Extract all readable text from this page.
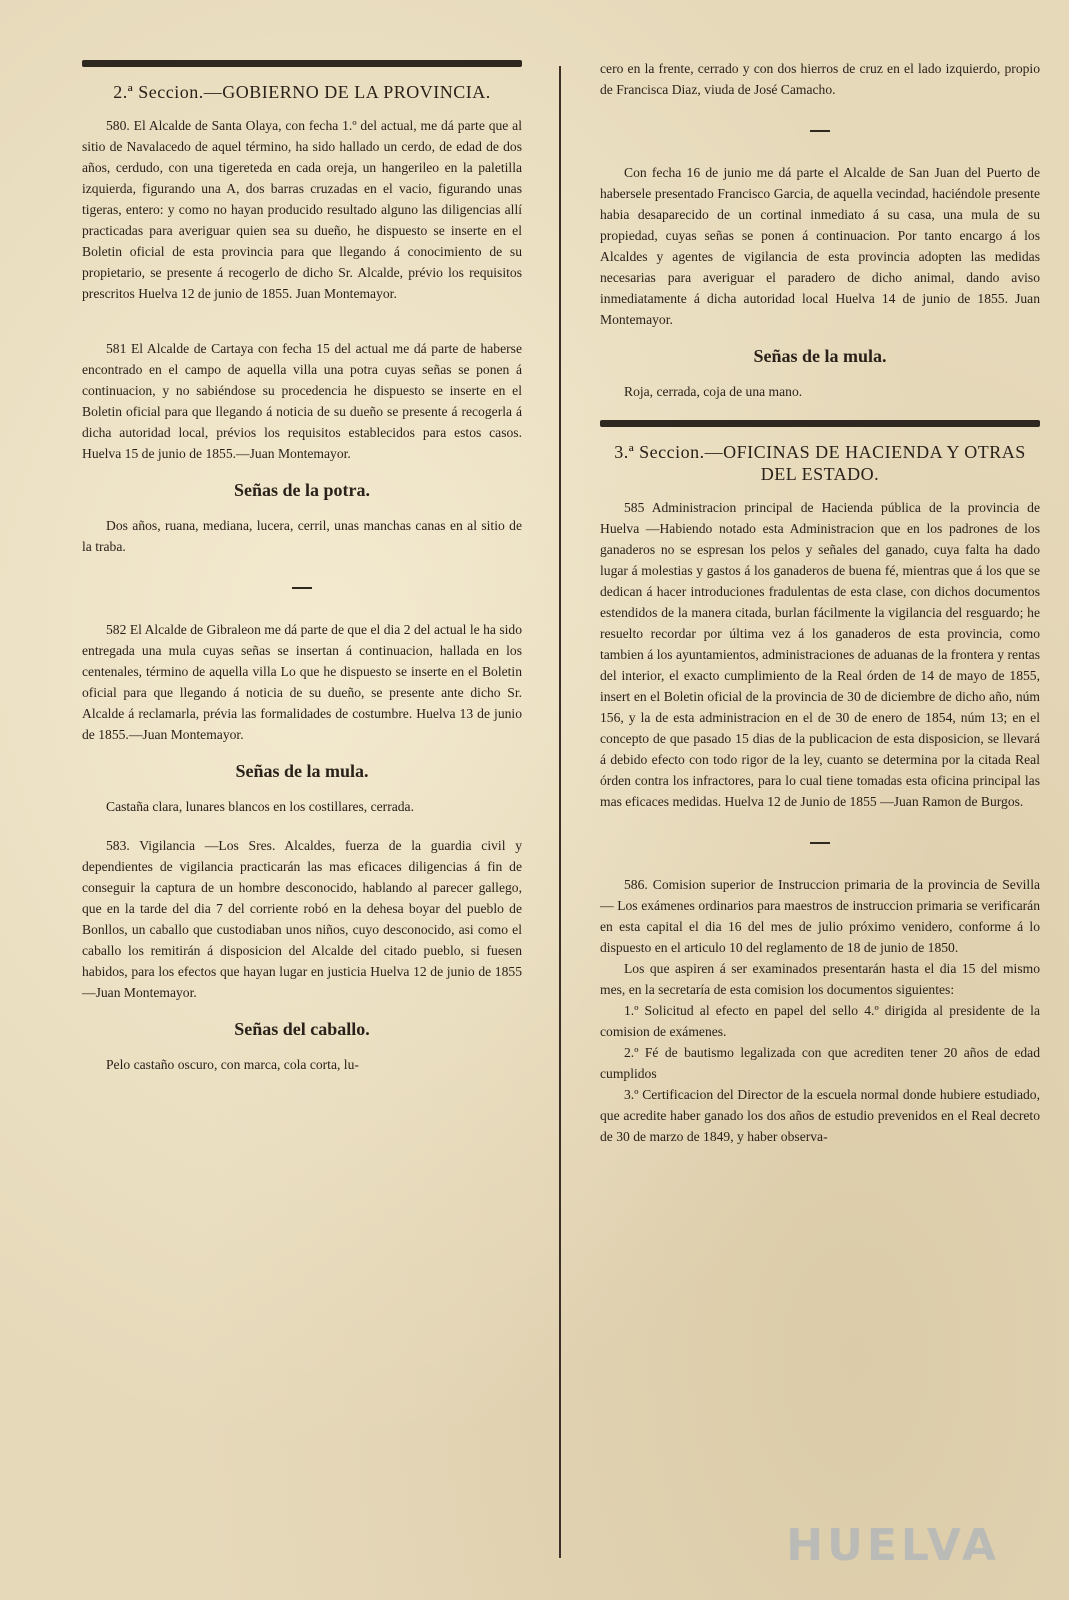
2.ª Seccion.—GOBIERNO DE LA PROVINCIA.

580. El Alcalde de Santa Olaya, con fecha 1.º del actual, me dá parte que al sitio de Navalacedo de aquel término, ha sido hallado un cerdo, de edad de dos años, cerdudo, con una tigereteda en cada oreja, un hangerileo en la paletilla izquierda, figurando una A, dos barras cruzadas en el vacio, figurando unas tigeras, entero: y como no hayan producido resultado alguno las diligencias allí practicadas para averiguar quien sea su dueño, he dispuesto se inserte en el Boletin oficial de esta provincia para que llegando á conocimiento de su propietario, se presente á recogerlo de dicho Sr. Alcalde, prévio los requisitos prescritos Huelva 12 de junio de 1855. Juan Montemayor.

581 El Alcalde de Cartaya con fecha 15 del actual me dá parte de haberse encontrado en el campo de aquella villa una potra cuyas señas se ponen á continuacion, y no sabiéndose su procedencia he dispuesto se inserte en el Boletin oficial para que llegando á noticia de su dueño se presente á recogerla á dicha autoridad local, prévios los requisitos establecidos para estos casos. Huelva 15 de junio de 1855.—Juan Montemayor.

Señas de la potra.

Dos años, ruana, mediana, lucera, cerril, unas manchas canas en al sitio de la traba.

582 El Alcalde de Gibraleon me dá parte de que el dia 2 del actual le ha sido entregada una mula cuyas señas se insertan á continuacion, hallada en los centenales, término de aquella villa Lo que he dispuesto se inserte en el Boletin oficial para que llegando á noticia de su dueño, se presente ante dicho Sr. Alcalde á reclamarla, prévia las formalidades de costumbre. Huelva 13 de junio de 1855.—Juan Montemayor.

Señas de la mula.

Castaña clara, lunares blancos en los costillares, cerrada.

583. Vigilancia —Los Sres. Alcaldes, fuerza de la guardia civil y dependientes de vigilancia practicarán las mas eficaces diligencias á fin de conseguir la captura de un hombre desconocido, hablando al parecer gallego, que en la tarde del dia 7 del corriente robó en la dehesa boyar del pueblo de Bonllos, un caballo que custodiaban unos niños, cuyo desconocido, asi como el caballo los remitirán á disposicion del Alcalde del citado pueblo, si fuesen habidos, para los efectos que hayan lugar en justicia Huelva 12 de junio de 1855 —Juan Montemayor.

Señas del caballo.

Pelo castaño oscuro, con marca, cola corta, lu-

cero en la frente, cerrado y con dos hierros de cruz en el lado izquierdo, propio de Francisca Diaz, viuda de José Camacho.

Con fecha 16 de junio me dá parte el Alcalde de San Juan del Puerto de habersele presentado Francisco Garcia, de aquella vecindad, haciéndole presente habia desaparecido de un cortinal inmediato á su casa, una mula de su propiedad, cuyas señas se ponen á continuacion. Por tanto encargo á los Alcaldes y agentes de vigilancia de esta provincia adopten las medidas necesarias para averiguar el paradero de dicho animal, dando aviso inmediatamente á dicha autoridad local Huelva 14 de junio de 1855. Juan Montemayor.

Señas de la mula.

Roja, cerrada, coja de una mano.

3.ª Seccion.—OFICINAS DE HACIENDA Y OTRAS DEL ESTADO.

585 Administracion principal de Hacienda pública de la provincia de Huelva —Habiendo notado esta Administracion que en los padrones de los ganaderos no se espresan los pelos y señales del ganado, cuya falta ha dado lugar á molestias y gastos á los ganaderos de buena fé, mientras que á los que se dedican á hacer introduciones fradulentas de esta clase, con dichos documentos estendidos de la manera citada, burlan fácilmente la vigilancia del resguardo; he resuelto recordar por última vez á los ganaderos de esta provincia, como tambien á los ayuntamientos, administraciones de aduanas de la frontera y rentas del interior, el exacto cumplimiento de la Real órden de 14 de mayo de 1855, insert en el Boletin oficial de la provincia de 30 de diciembre de dicho año, núm 156, y la de esta administracion en el de 30 de enero de 1854, núm 13; en el concepto de que pasado 15 dias de la publicacion de esta disposicion, se llevará á debido efecto con todo rigor de la ley, cuanto se determina por la citada Real órden contra los infractores, para lo cual tiene tomadas esta oficina principal las mas eficaces medidas. Huelva 12 de Junio de 1855 —Juan Ramon de Burgos.

586. Comision superior de Instruccion primaria de la provincia de Sevilla — Los exámenes ordinarios para maestros de instruccion primaria se verificarán en esta capital el dia 16 del mes de julio próximo venidero, conforme á lo dispuesto en el articulo 10 del reglamento de 18 de junio de 1850.

Los que aspiren á ser examinados presentarán hasta el dia 15 del mismo mes, en la secretaría de esta comision los documentos siguientes:

1.º Solicitud al efecto en papel del sello 4.º dirigida al presidente de la comision de exámenes.

2.º Fé de bautismo legalizada con que acrediten tener 20 años de edad cumplidos

3.º Certificacion del Director de la escuela normal donde hubiere estudiado, que acredite haber ganado los dos años de estudio prevenidos en el Real decreto de 30 de marzo de 1849, y haber observa-

HUELVA
